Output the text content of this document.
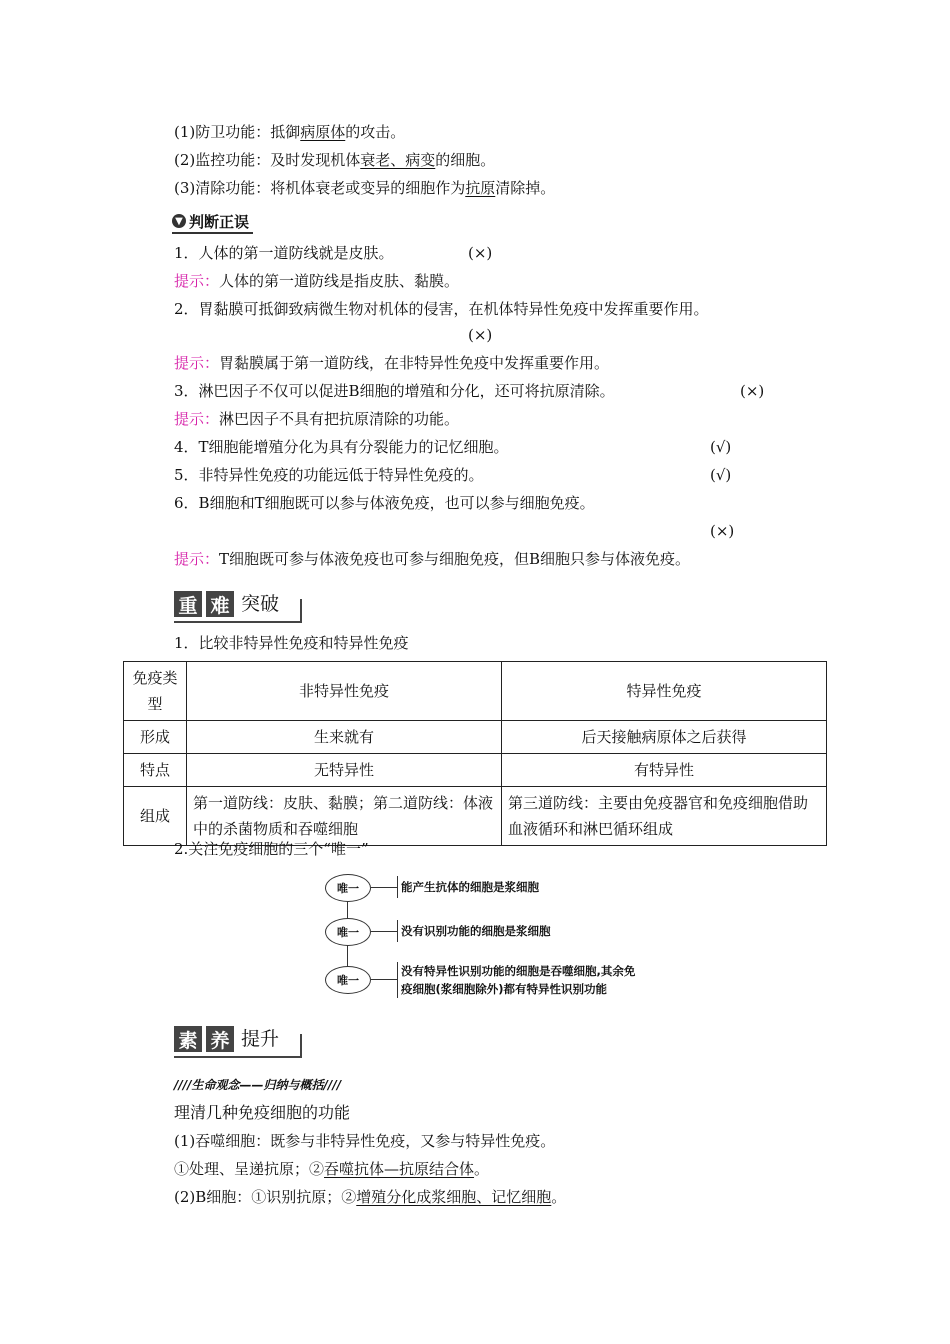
(1)防卫功能：抵御病原体的攻击。
(2)监控功能：及时发现机体衰老、病变的细胞。
(3)清除功能：将机体衰老或变异的细胞作为抗原清除掉。
▼ 判断正误
1．人体的第一道防线就是皮肤。	(×)
提示：人体的第一道防线是指皮肤、黏膜。
2．胃黏膜可抵御致病微生物对机体的侵害，在机体特异性免疫中发挥重要作用。
(×)
提示：胃黏膜属于第一道防线，在非特异性免疫中发挥重要作用。
3．淋巴因子不仅可以促进B细胞的增殖和分化，还可将抗原清除。	(×)
提示：淋巴因子不具有把抗原清除的功能。
4．T细胞能增殖分化为具有分裂能力的记忆细胞。	(√)
5．非特异性免疫的功能远低于特异性免疫的。	(√)
6．B细胞和T细胞既可以参与体液免疫，也可以参与细胞免疫。
(×)
提示：T细胞既可参与体液免疫也可参与细胞免疫，但B细胞只参与体液免疫。
重 难 突破
1．比较非特异性免疫和特异性免疫
免疫类型	非特异性免疫	特异性免疫
形成	生来就有	后天接触病原体之后获得
特点	无特异性	有特异性
组成	第一道防线：皮肤、黏膜；第二道防线：体液中的杀菌物质和吞噬细胞	第三道防线：主要由免疫器官和免疫细胞借助血液循环和淋巴循环组成
2.关注免疫细胞的三个“唯一”
唯一
唯一
唯一
能产生抗体的细胞是浆细胞
没有识别功能的细胞是浆细胞
没有特异性识别功能的细胞是吞噬细胞,其余免
疫细胞(浆细胞除外)都有特异性识别功能
素 养 提升
////生命观念——归纳与概括////
理清几种免疫细胞的功能
(1)吞噬细胞：既参与非特异性免疫，又参与特异性免疫。
①处理、呈递抗原；②吞噬抗体—抗原结合体。
(2)B细胞：①识别抗原；②增殖分化成浆细胞、记忆细胞。
